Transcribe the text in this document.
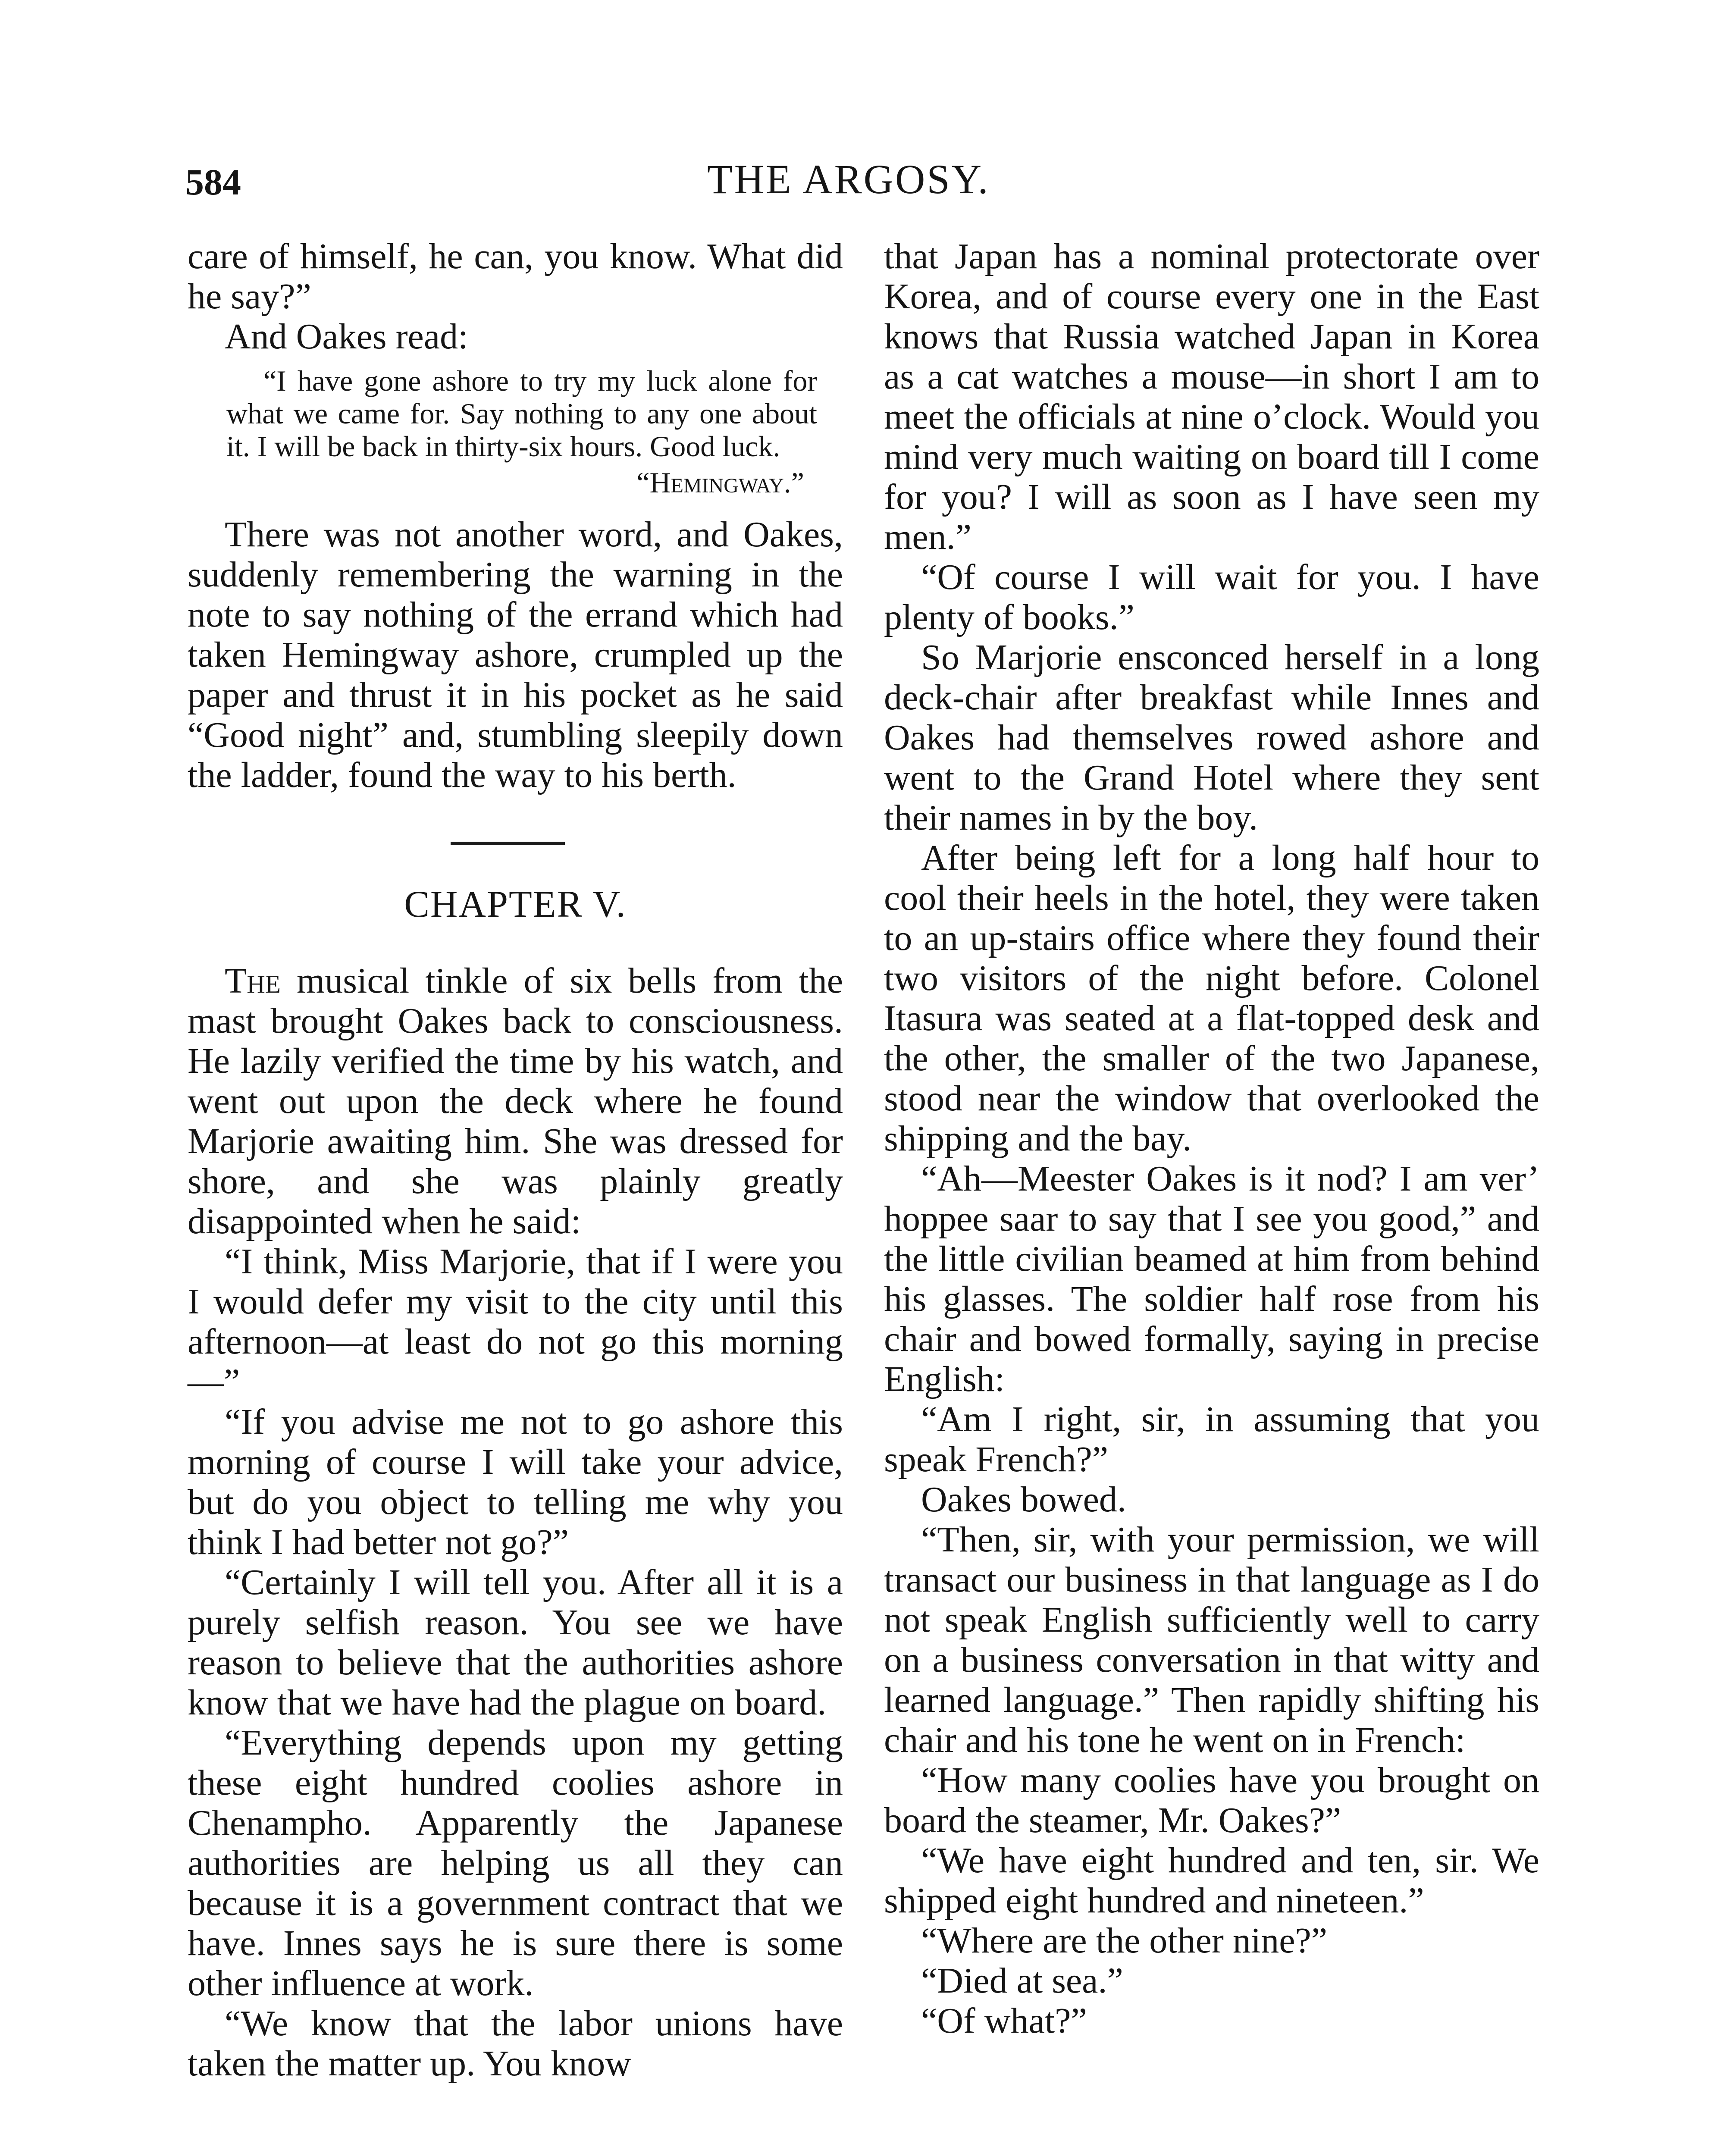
584	THE ARGOSY.

care of himself, he can, you know. What did he say?”

And Oakes read:

“I have gone ashore to try my luck alone for what we came for. Say nothing to any one about it. I will be back in thirty-six hours. Good luck.

“Hemingway.”

There was not another word, and Oakes, suddenly remembering the warning in the note to say nothing of the errand which had taken Hemingway ashore, crumpled up the paper and thrust it in his pocket as he said “Good night” and, stumbling sleepily down the ladder, found the way to his berth.

CHAPTER V.

The musical tinkle of six bells from the mast brought Oakes back to consciousness. He lazily verified the time by his watch, and went out upon the deck where he found Marjorie awaiting him. She was dressed for shore, and she was plainly greatly disappointed when he said:

“I think, Miss Marjorie, that if I were you I would defer my visit to the city until this afternoon—at least do not go this morning—”

“If you advise me not to go ashore this morning of course I will take your advice, but do you object to telling me why you think I had better not go?”

“Certainly I will tell you. After all it is a purely selfish reason. You see we have reason to believe that the authorities ashore know that we have had the plague on board.

“Everything depends upon my getting these eight hundred coolies ashore in Chenampho. Apparently the Japanese authorities are helping us all they can because it is a government contract that we have. Innes says he is sure there is some other influence at work.

“We know that the labor unions have taken the matter up. You know

that Japan has a nominal protectorate over Korea, and of course every one in the East knows that Russia watched Japan in Korea as a cat watches a mouse—in short I am to meet the officials at nine o’clock. Would you mind very much waiting on board till I come for you? I will as soon as I have seen my men.”

“Of course I will wait for you. I have plenty of books.”

So Marjorie ensconced herself in a long deck-chair after breakfast while Innes and Oakes had themselves rowed ashore and went to the Grand Hotel where they sent their names in by the boy.

After being left for a long half hour to cool their heels in the hotel, they were taken to an up-stairs office where they found their two visitors of the night before. Colonel Itasura was seated at a flat-topped desk and the other, the smaller of the two Japanese, stood near the window that overlooked the shipping and the bay.

“Ah—Meester Oakes is it nod? I am ver’ hoppee saar to say that I see you good,” and the little civilian beamed at him from behind his glasses. The soldier half rose from his chair and bowed formally, saying in precise English:

“Am I right, sir, in assuming that you speak French?”

Oakes bowed.

“Then, sir, with your permission, we will transact our business in that language as I do not speak English sufficiently well to carry on a business conversation in that witty and learned language.” Then rapidly shifting his chair and his tone he went on in French:

“How many coolies have you brought on board the steamer, Mr. Oakes?”

“We have eight hundred and ten, sir. We shipped eight hundred and nineteen.”

“Where are the other nine?”

“Died at sea.”

“Of what?”
